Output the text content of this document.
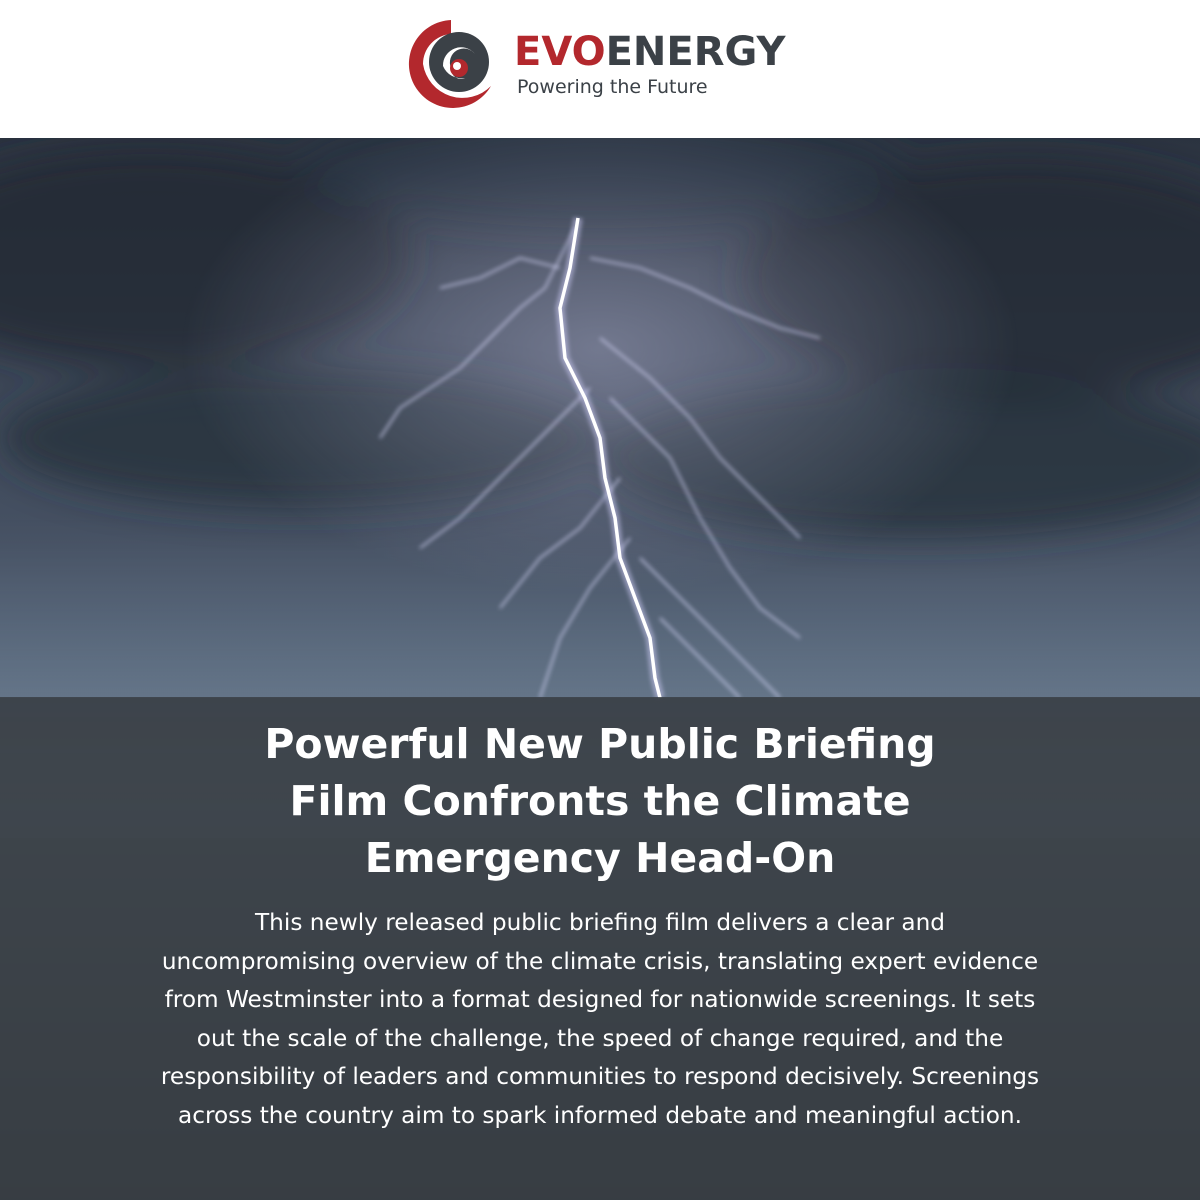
EVOENERGY
Powering the Future
Powerful New Public Briefing
Film Confronts the Climate
Emergency Head-On

This newly released public briefing film delivers a clear and
uncompromising overview of the climate crisis, translating expert evidence
from Westminster into a format designed for nationwide screenings. It sets
out the scale of the challenge, the speed of change required, and the
responsibility of leaders and communities to respond decisively. Screenings
across the country aim to spark informed debate and meaningful action.
